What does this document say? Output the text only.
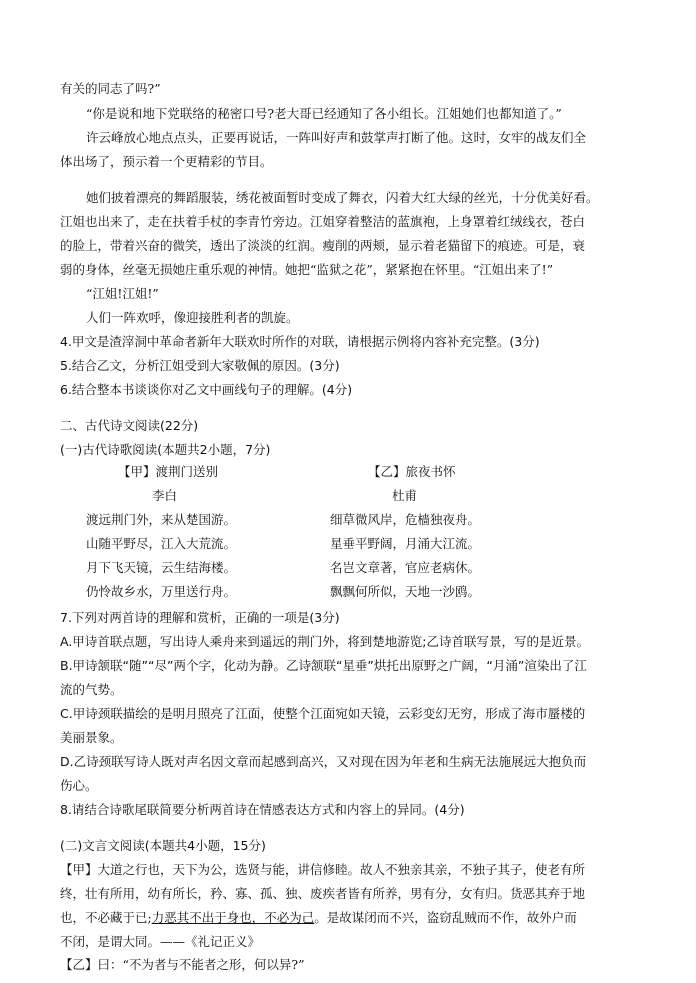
有关的同志了吗?”
“你是说和地下党联络的秘密口号?老大哥已经通知了各小组长。江姐她们也都知道了。”
许云峰放心地点点头，正要再说话，一阵叫好声和鼓掌声打断了他。这时，女牢的战友们全
体出场了，预示着一个更精彩的节目。
她们披着漂亮的舞蹈服装，绣花被面暂时变成了舞衣，闪着大红大绿的丝光，十分优美好看。
江姐也出来了，走在扶着手杖的李青竹旁边。江姐穿着整洁的蓝旗袍，上身罩着红绒线衣，苍白
的脸上，带着兴奋的微笑，透出了淡淡的红润。瘦削的两颊，显示着老猫留下的痕迹。可是，衰
弱的身体，丝毫无损她庄重乐观的神情。她把“监狱之花”，紧紧抱在怀里。“江姐出来了!”
“江姐!江姐!”
人们一阵欢呼，像迎接胜利者的凯旋。
4.甲文是渣滓洞中革命者新年大联欢时所作的对联，请根据示例将内容补充完整。(3分)
5.结合乙文，分析江姐受到大家敬佩的原因。(3分)
6.结合整本书谈谈你对乙文中画线句子的理解。(4分)
二、古代诗文阅读(22分)
(一)古代诗歌阅读(本题共2小题，7分)
【甲】渡荆门送别
李白
渡远荆门外，来从楚国游。
山随平野尽，江入大荒流。
月下飞天镜，云生结海楼。
仍怜故乡水，万里送行舟。
【乙】旅夜书怀
杜甫
细草微风岸，危樯独夜舟。
星垂平野阔，月涌大江流。
名岂文章著，官应老病休。
飘飘何所似，天地一沙鸥。
7.下列对两首诗的理解和赏析，正确的一项是(3分)
A.甲诗首联点题，写出诗人乘舟来到遥远的荆门外，将到楚地游览;乙诗首联写景，写的是近景。
B.甲诗颔联“随”“尽”两个字，化动为静。乙诗颔联“星垂”烘托出原野之广阔，“月涌”渲染出了江
流的气势。
C.甲诗颈联描绘的是明月照亮了江面，使整个江面宛如天镜，云彩变幻无穷，形成了海市蜃楼的
美丽景象。
D.乙诗颈联写诗人既对声名因文章而起感到高兴，又对现在因为年老和生病无法施展远大抱负而
伤心。
8.请结合诗歌尾联简要分析两首诗在情感表达方式和内容上的异同。(4分)
(二)文言文阅读(本题共4小题，15分)
【甲】大道之行也，天下为公，选贤与能，讲信修睦。故人不独亲其亲，不独子其子，使老有所
终，壮有所用，幼有所长，矜、寡、孤、独、废疾者皆有所养，男有分，女有归。货恶其弃于地
也，不必藏于已;力恶其不出于身也，不必为己。是故谋闭而不兴，盗窃乱贼而不作，故外户而
不闭，是谓大同。——《礼记正义》
【乙】曰：“不为者与不能者之形，何以异?”
